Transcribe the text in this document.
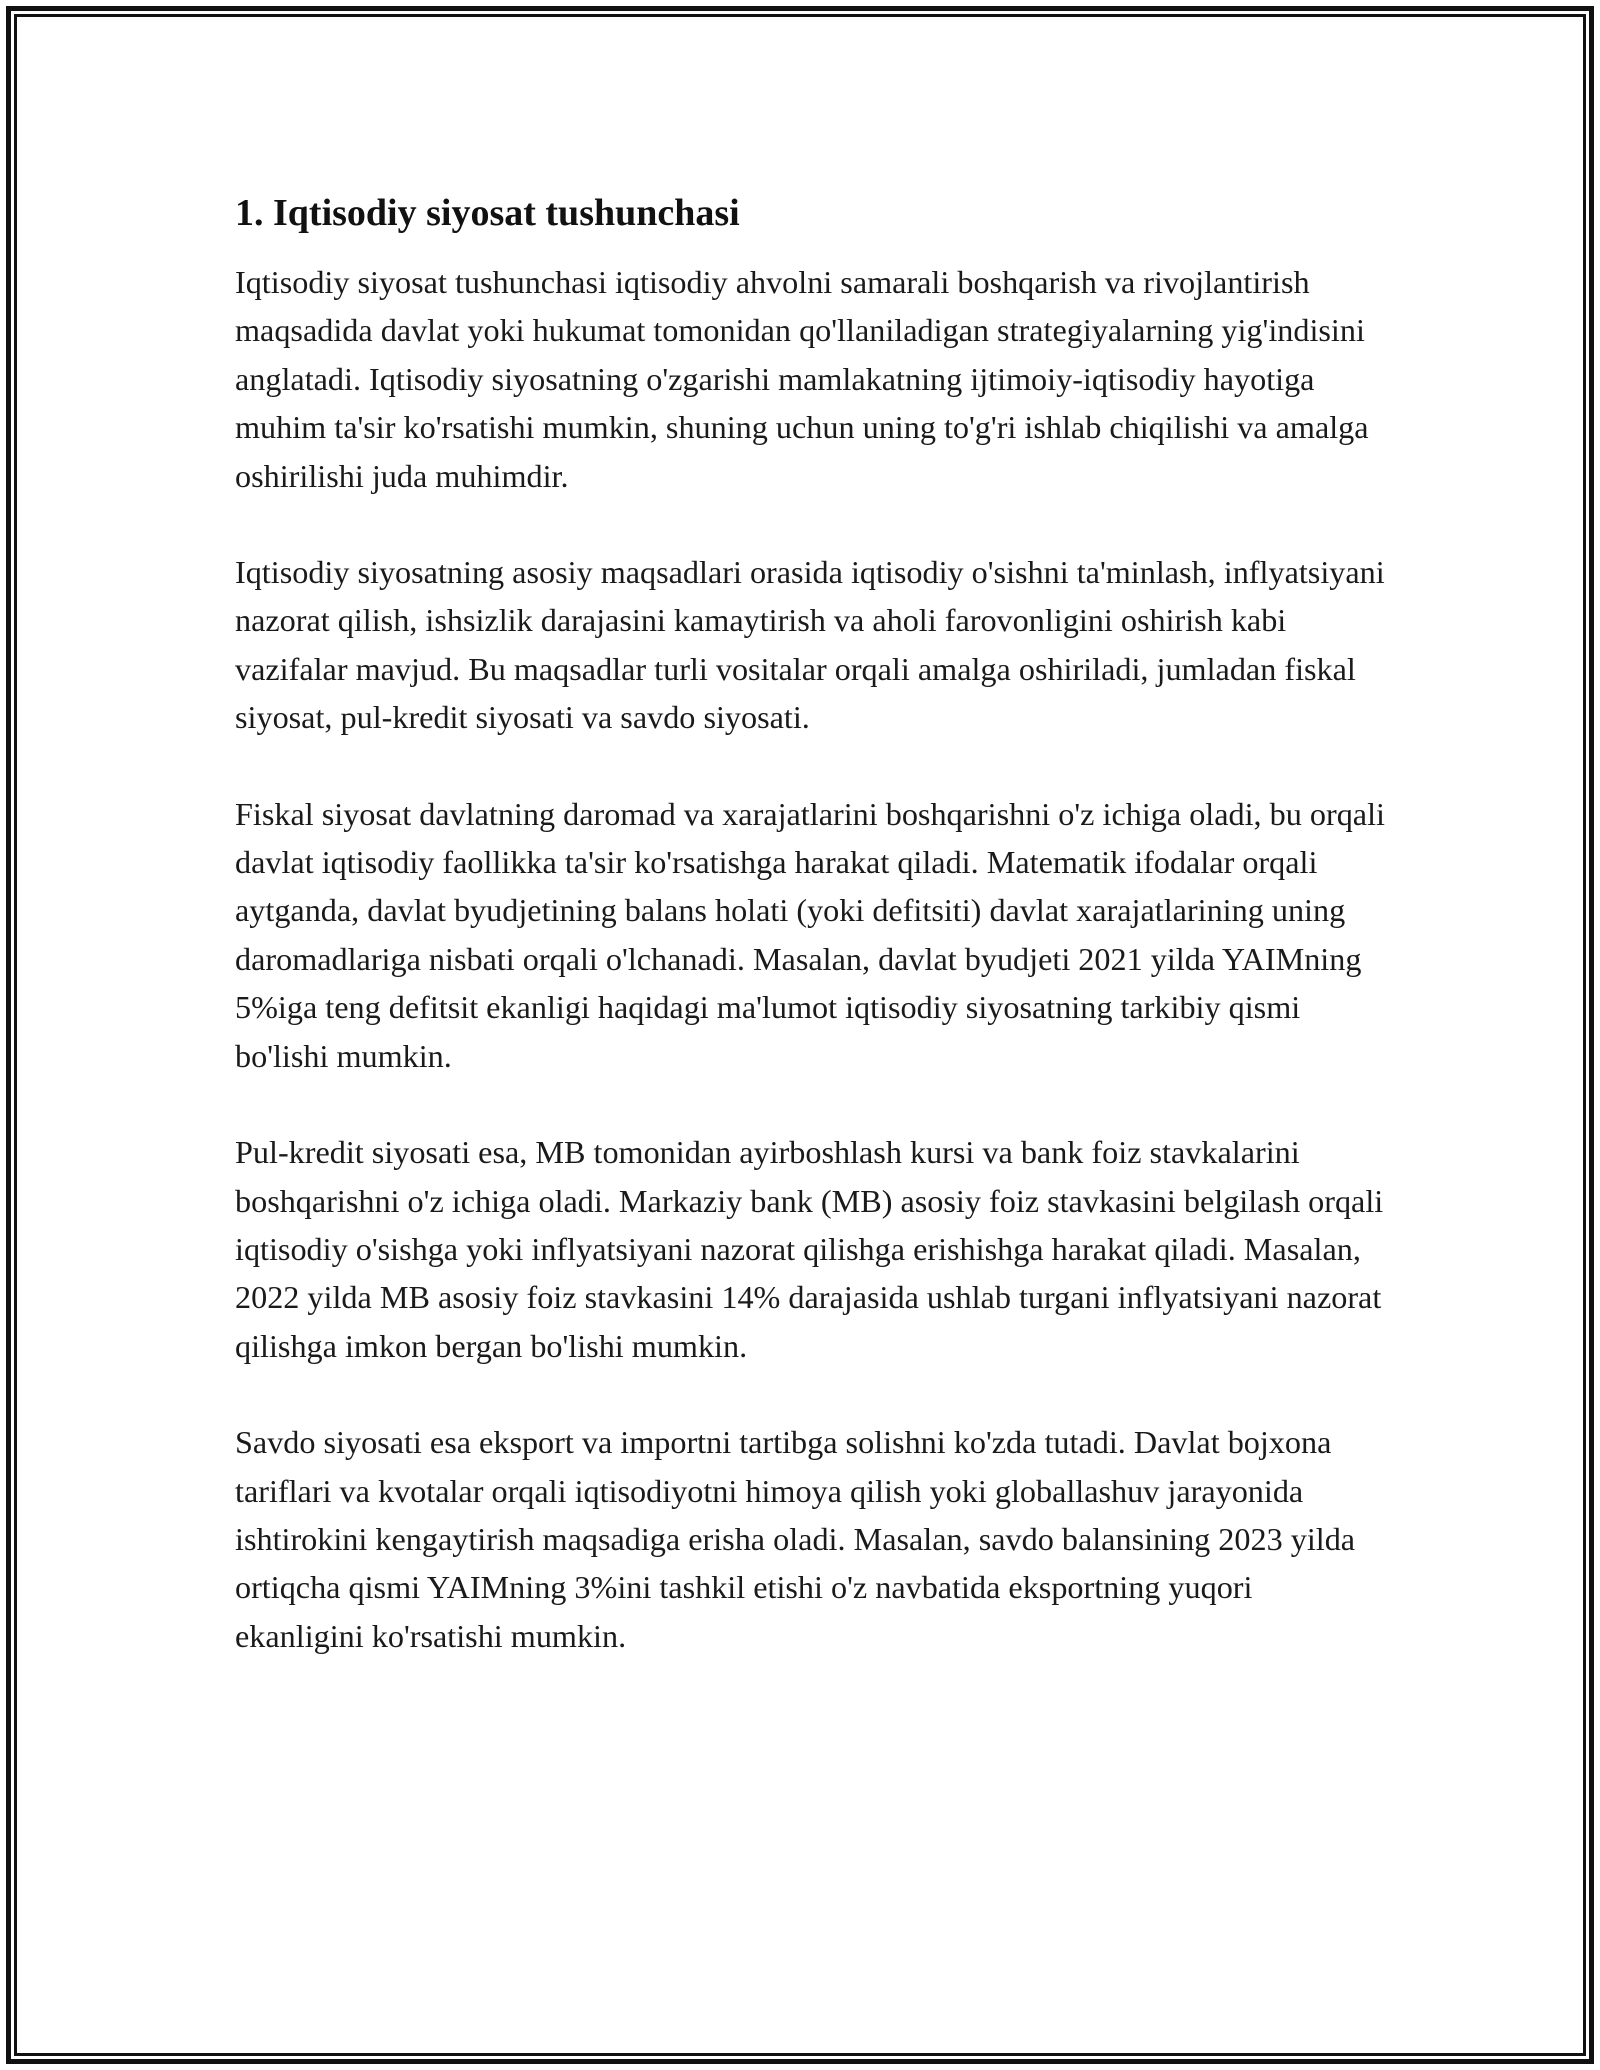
1. Iqtisodiy siyosat tushunchasi

Iqtisodiy siyosat tushunchasi iqtisodiy ahvolni samarali boshqarish va rivojlantirish maqsadida davlat yoki hukumat tomonidan qo'llaniladigan strategiyalarning yig'indisini anglatadi. Iqtisodiy siyosatning o'zgarishi mamlakatning ijtimoiy-iqtisodiy hayotiga muhim ta'sir ko'rsatishi mumkin, shuning uchun uning to'g'ri ishlab chiqilishi va amalga oshirilishi juda muhimdir.

Iqtisodiy siyosatning asosiy maqsadlari orasida iqtisodiy o'sishni ta'minlash, inflyatsiyani nazorat qilish, ishsizlik darajasini kamaytirish va aholi farovonligini oshirish kabi vazifalar mavjud. Bu maqsadlar turli vositalar orqali amalga oshiriladi, jumladan fiskal siyosat, pul-kredit siyosati va savdo siyosati.

Fiskal siyosat davlatning daromad va xarajatlarini boshqarishni o'z ichiga oladi, bu orqali davlat iqtisodiy faollikka ta'sir ko'rsatishga harakat qiladi. Matematik ifodalar orqali aytganda, davlat byudjetining balans holati (yoki defitsiti) davlat xarajatlarining uning daromadlariga nisbati orqali o'lchanadi. Masalan, davlat byudjeti 2021 yilda YAIMning 5%iga teng defitsit ekanligi haqidagi ma'lumot iqtisodiy siyosatning tarkibiy qismi bo'lishi mumkin.

Pul-kredit siyosati esa, MB tomonidan ayirboshlash kursi va bank foiz stavkalarini boshqarishni o'z ichiga oladi. Markaziy bank (MB) asosiy foiz stavkasini belgilash orqali iqtisodiy o'sishga yoki inflyatsiyani nazorat qilishga erishishga harakat qiladi. Masalan, 2022 yilda MB asosiy foiz stavkasini 14% darajasida ushlab turgani inflyatsiyani nazorat qilishga imkon bergan bo'lishi mumkin.

Savdo siyosati esa eksport va importni tartibga solishni ko'zda tutadi. Davlat bojxona tariflari va kvotalar orqali iqtisodiyotni himoya qilish yoki globallashuv jarayonida ishtirokini kengaytirish maqsadiga erisha oladi. Masalan, savdo balansining 2023 yilda ortiqcha qismi YAIMning 3%ini tashkil etishi o'z navbatida eksportning yuqori ekanligini ko'rsatishi mumkin.
